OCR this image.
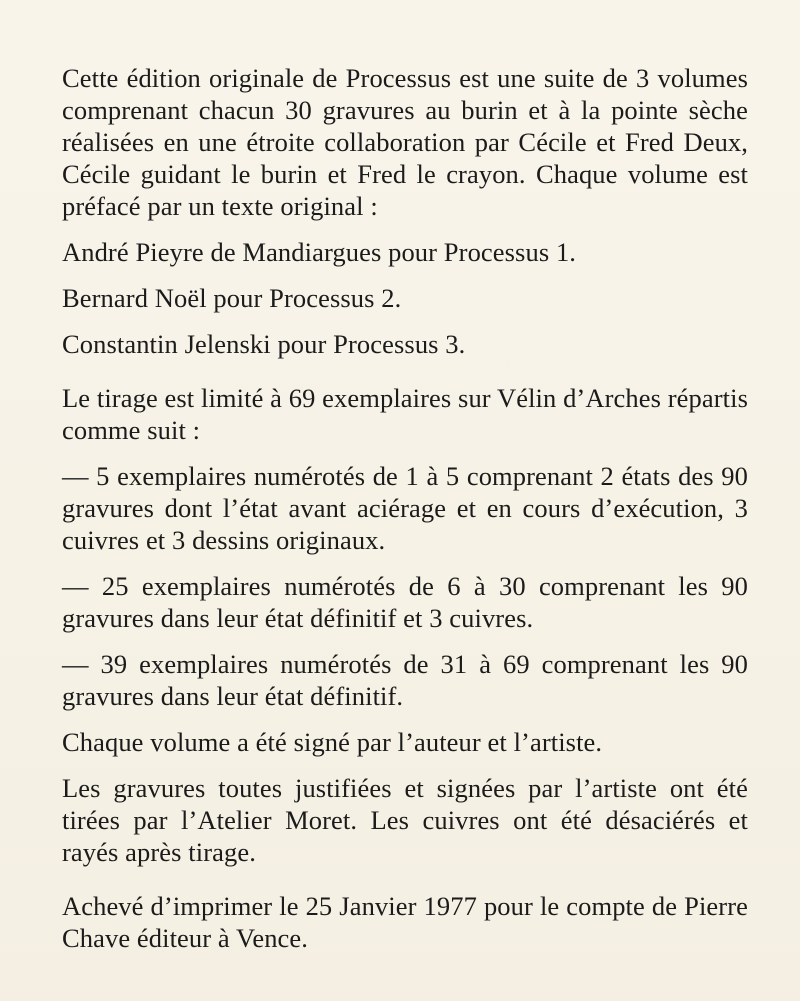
Cette édition originale de Processus est une suite de 3 volumes comprenant chacun 30 gravures au burin et à la pointe sèche réalisées en une étroite collaboration par Cécile et Fred Deux, Cécile guidant le burin et Fred le crayon. Chaque volume est préfacé par un texte original :

André Pieyre de Mandiargues pour Processus 1.

Bernard Noël pour Processus 2.

Constantin Jelenski pour Processus 3.

Le tirage est limité à 69 exemplaires sur Vélin d’Arches répartis comme suit :

— 5 exemplaires numérotés de 1 à 5 comprenant 2 états des 90 gravures dont l’état avant aciérage et en cours d’exécution, 3 cuivres et 3 dessins originaux.

— 25 exemplaires numérotés de 6 à 30 comprenant les 90 gravures dans leur état définitif et 3 cuivres.

— 39 exemplaires numérotés de 31 à 69 comprenant les 90 gravures dans leur état définitif.

Chaque volume a été signé par l’auteur et l’artiste.

Les gravures toutes justifiées et signées par l’artiste ont été tirées par l’Atelier Moret. Les cuivres ont été désaciérés et rayés après tirage.

Achevé d’imprimer le 25 Janvier 1977 pour le compte de Pierre Chave éditeur à Vence.
